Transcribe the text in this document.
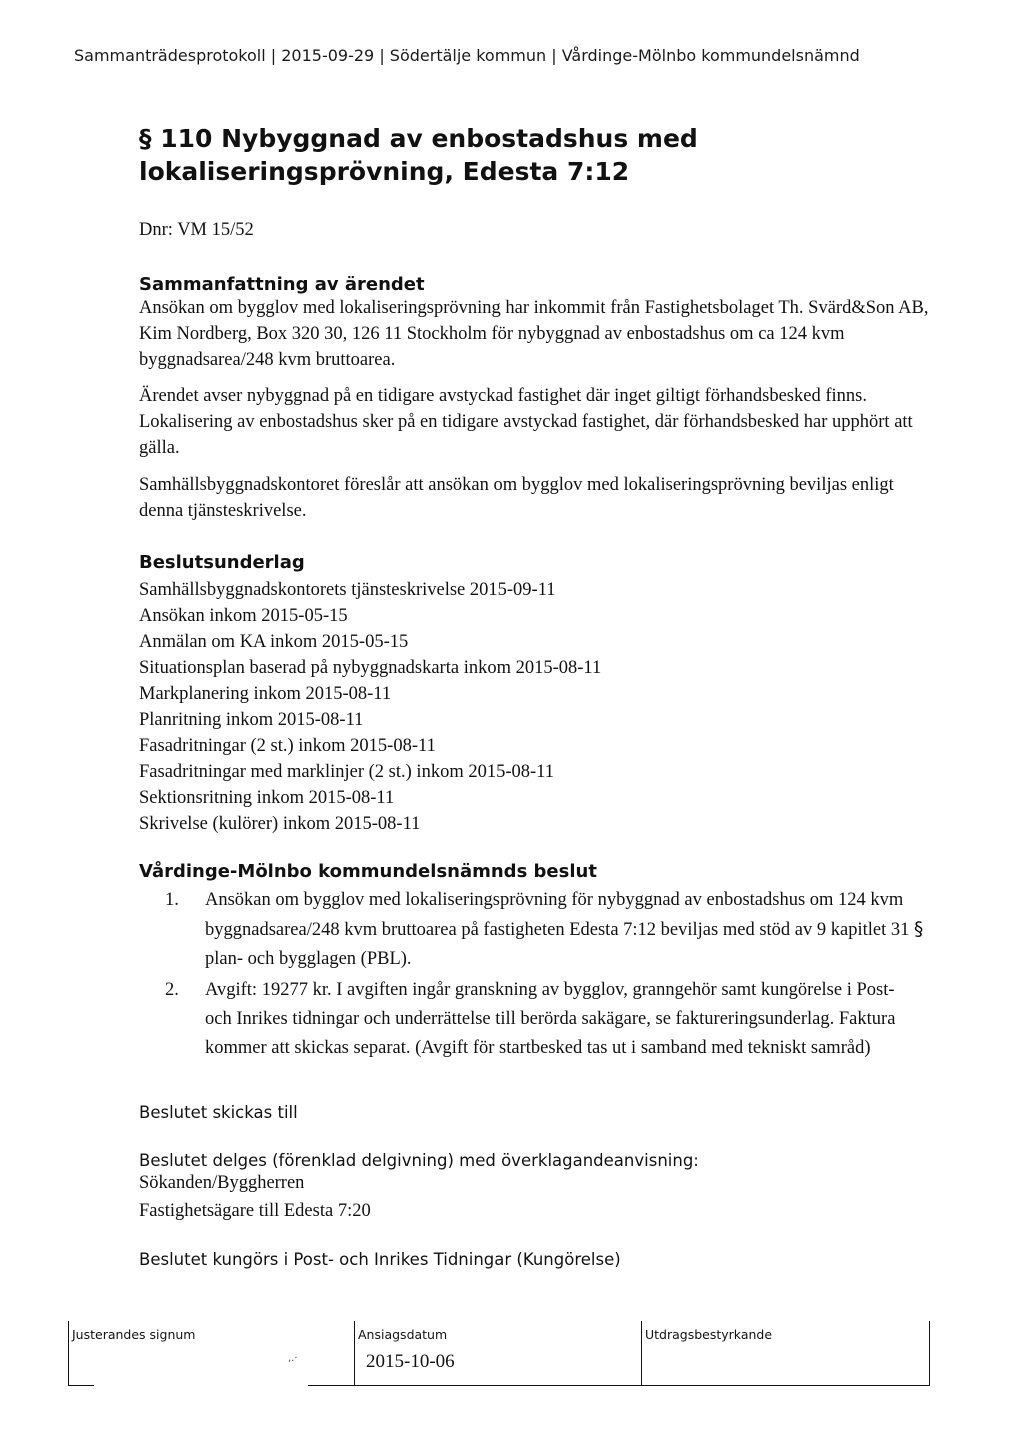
Sammanträdesprotokoll | 2015-09-29 | Södertälje kommun | Vårdinge-Mölnbo kommundelsnämnd
§ 110 Nybyggnad av enbostadshus med
lokaliseringsprövning, Edesta 7:12
Dnr: VM 15/52
Sammanfattning av ärendet

Ansökan om bygglov med lokaliseringsprövning har inkommit från Fastighetsbolaget Th. Svärd&Son AB, Kim Nordberg, Box 320 30, 126 11 Stockholm för nybyggnad av enbostadshus om ca 124 kvm byggnadsarea/248 kvm bruttoarea.

Ärendet avser nybyggnad på en tidigare avstyckad fastighet där inget giltigt förhandsbesked finns. Lokalisering av enbostadshus sker på en tidigare avstyckad fastighet, där förhandsbesked har upphört att gälla.

Samhällsbyggnadskontoret föreslår att ansökan om bygglov med lokaliseringsprövning beviljas enligt denna tjänsteskrivelse.

Beslutsunderlag
Samhällsbyggnadskontorets tjänsteskrivelse 2015-09-11
Ansökan inkom 2015-05-15
Anmälan om KA inkom 2015-05-15
Situationsplan baserad på nybyggnadskarta inkom 2015-08-11
Markplanering inkom 2015-08-11
Planritning inkom 2015-08-11
Fasadritningar (2 st.) inkom 2015-08-11
Fasadritningar med marklinjer (2 st.) inkom 2015-08-11
Sektionsritning inkom 2015-08-11
Skrivelse (kulörer) inkom 2015-08-11
Vårdinge-Mölnbo kommundelsnämnds beslut
1. Ansökan om bygglov med lokaliseringsprövning för nybyggnad av enbostadshus om 124 kvm byggnadsarea/248 kvm bruttoarea på fastigheten Edesta 7:12 beviljas med stöd av 9 kapitlet 31 § plan- och bygglagen (PBL).
2. Avgift: 19277 kr. I avgiften ingår granskning av bygglov, granngehör samt kungörelse i Post- och Inrikes tidningar och underrättelse till berörda sakägare, se faktureringsunderlag. Faktura kommer att skickas separat. (Avgift för startbesked tas ut i samband med tekniskt samråd)
Beslutet skickas till
Beslutet delges (förenklad delgivning) med överklagandeanvisning:
Sökanden/Byggherren
Fastighetsägare till Edesta 7:20
Beslutet kungörs i Post- och Inrikes Tidningar (Kungörelse)
Justerandes signum
,.·
Ansiagsdatum
2015-10-06
Utdragsbestyrkande
